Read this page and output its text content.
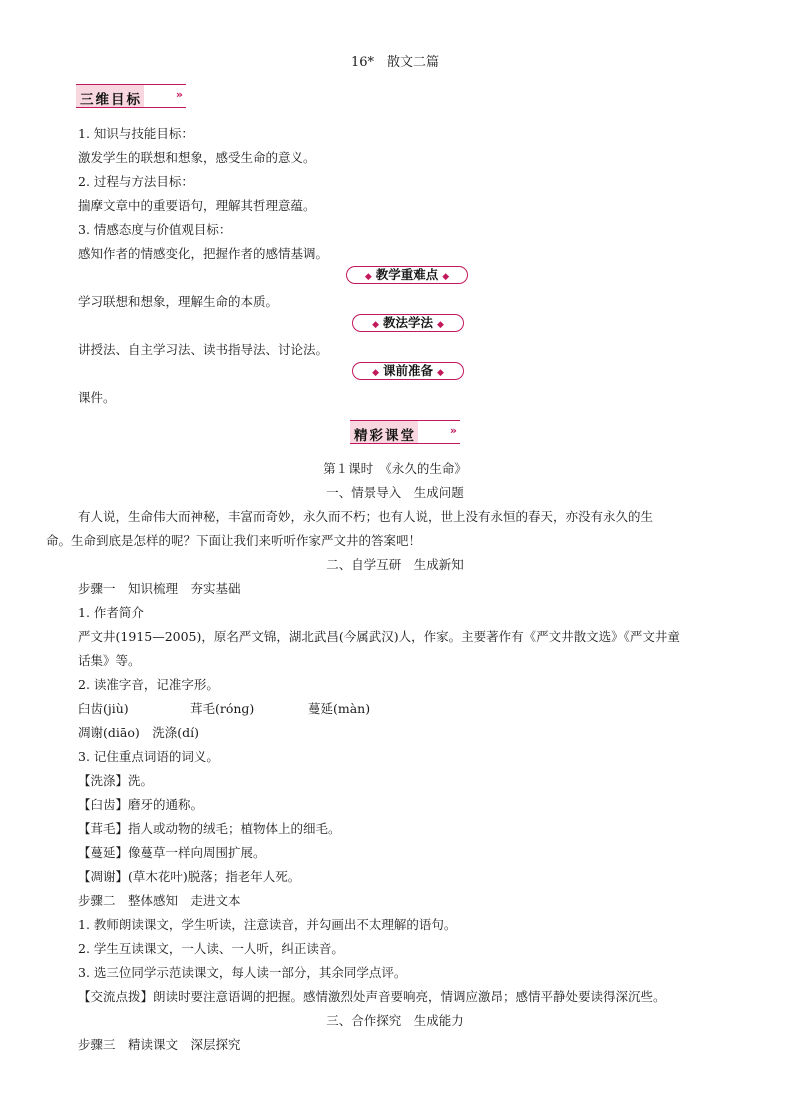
16*　散文二篇
三维目标	»
1. 知识与技能目标：
激发学生的联想和想象，感受生命的意义。
2. 过程与方法目标：
揣摩文章中的重要语句，理解其哲理意蕴。
3. 情感态度与价值观目标：
感知作者的情感变化，把握作者的感情基调。
◆ 教学重难点 ◆
学习联想和想象，理解生命的本质。
◆ 教法学法 ◆
讲授法、自主学习法、读书指导法、讨论法。
◆ 课前准备 ◆
课件。
精彩课堂	»
第１课时　《永久的生命》
一、情景导入　生成问题
有人说，生命伟大而神秘，丰富而奇妙，永久而不朽；也有人说，世上没有永恒的春天，亦没有永久的生
命。生命到底是怎样的呢？下面让我们来听听作家严文井的答案吧！
二、自学互研　生成新知
步骤一　知识梳理　夯实基础
1. 作者简介
严文井(1915—2005)，原名严文锦，湖北武昌(今属武汉)人，作家。主要著作有《严文井散文选》《严文井童
话集》等。
2. 读准字音，记准字形。
臼齿(jiù)	茸毛(rónɡ)	蔓延(màn)
凋谢(diāo)　洗涤(dí)
3. 记住重点词语的词义。
【洗涤】洗。
【臼齿】磨牙的通称。
【茸毛】指人或动物的绒毛；植物体上的细毛。
【蔓延】像蔓草一样向周围扩展。
【凋谢】(草木花叶)脱落；指老年人死。
步骤二　整体感知　走进文本
1. 教师朗读课文，学生听读，注意读音，并勾画出不太理解的语句。
2. 学生互读课文，一人读、一人听，纠正读音。
3. 选三位同学示范读课文，每人读一部分，其余同学点评。
【交流点拨】朗读时要注意语调的把握。感情激烈处声音要响亮，情调应激昂；感情平静处要读得深沉些。
三、合作探究　生成能力
步骤三　精读课文　深层探究
